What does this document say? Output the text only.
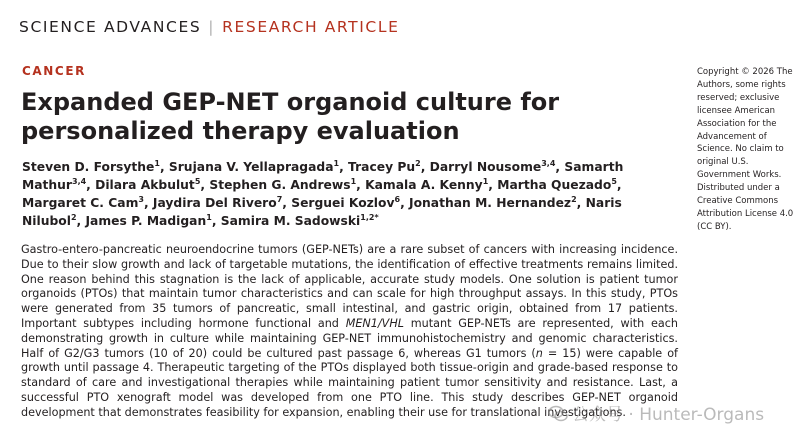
SCIENCE ADVANCES | RESEARCH ARTICLE
CANCER
Expanded GEP-NET organoid culture for personalized therapy evaluation
Steven D. Forsythe$^1$, Srujana V. Yellapragada$^1$, Tracey Pu$^2$, Darryl Nousome$^{3,4}$, Samarth Mathur$^{3,4}$, Dilara Akbulut$^5$, Stephen G. Andrews$^1$, Kamala A. Kenny$^1$, Martha Quezado$^5$, Margaret C. Cam$^3$, Jaydira Del Rivero$^7$, Serguei Kozlov$^6$, Jonathan M. Hernandez$^2$, Naris Nilubol$^2$, James P. Madigan$^1$, Samira M. Sadowski$^{1,2*}$
Copyright © 2026 The
Authors, some rights
reserved; exclusive
licensee American
Association for the
Advancement of
Science. No claim to
original U.S.
Government Works.
Distributed under a
Creative Commons
Attribution License 4.0
(CC BY).

Gastro-entero-pancreatic neuroendocrine tumors (GEP-NETs) are a rare subset of cancers with increasing incidence. Due to their slow growth and lack of targetable mutations, the identification of effective treatments remains limited. One reason behind this stagnation is the lack of applicable, accurate study models. One solution is patient tumor organoids (PTOs) that maintain tumor characteristics and can scale for high throughput assays. In this study, PTOs were generated from 35 tumors of pancreatic, small intestinal, and gastric origin, obtained from 17 patients. Important subtypes including hormone functional and MEN1/VHL mutant GEP-NETs are represented, with each demonstrating growth in culture while maintaining GEP-NET immunohistochemistry and genomic characteristics. Half of G2/G3 tumors (10 of 20) could be cultured past passage 6, whereas G1 tumors (n = 15) were capable of growth until passage 4. Therapeutic targeting of the PTOs displayed both tissue-origin and grade-based response to standard of care and investigational therapies while maintaining patient tumor sensitivity and resistance. Last, a successful PTO xenograft model was developed from one PTO line. This study describes GEP-NET organoid development that demonstrates feasibility for expansion, enabling their use for translational investigations.

公众号 · Hunter-Organs
